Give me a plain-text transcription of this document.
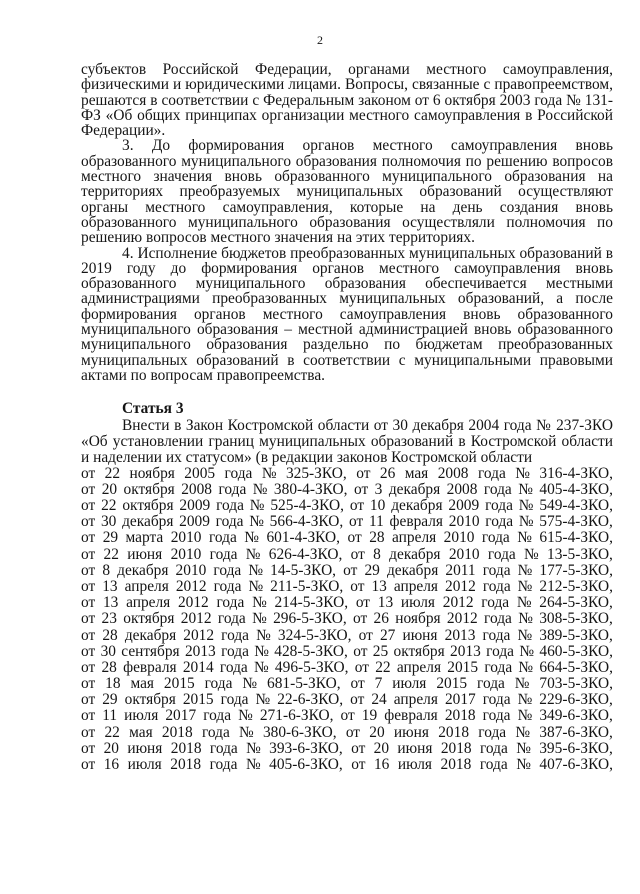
2

субъектов Российской Федерации, органами местного самоуправления, физическими и юридическими лицами. Вопросы, связанные с правопреемством, решаются в соответствии с Федеральным законом от 6 октября 2003 года № 131-ФЗ «Об общих принципах организации местного самоуправления в Российской Федерации».

3. До формирования органов местного самоуправления вновь образованного муниципального образования полномочия по решению вопросов местного значения вновь образованного муниципального образования на территориях преобразуемых муниципальных образований осуществляют органы местного самоуправления, которые на день создания вновь образованного муниципального образования осуществляли полномочия по решению вопросов местного значения на этих территориях.

4. Исполнение бюджетов преобразованных муниципальных образований в 2019 году до формирования органов местного самоуправления вновь образованного муниципального образования обеспечивается местными администрациями преобразованных муниципальных образований, а после формирования органов местного самоуправления вновь образованного муниципального образования – местной администрацией вновь образованного муниципального образования раздельно по бюджетам преобразованных муниципальных образований в соответствии с муниципальными правовыми актами по вопросам правопреемства.

Статья 3

Внести в Закон Костромской области от 30 декабря 2004 года № 237-ЗКО «Об установлении границ муниципальных образований в Костромской области и наделении их статусом» (в редакции законов Костромской области

от 22 ноября 2005 года № 325-ЗКО, от 26 мая 2008 года № 316-4-ЗКО,
от 20 октября 2008 года № 380-4-ЗКО, от 3 декабря 2008 года № 405-4-ЗКО,
от 22 октября 2009 года № 525-4-ЗКО, от 10 декабря 2009 года № 549-4-ЗКО,
от 30 декабря 2009 года № 566-4-ЗКО, от 11 февраля 2010 года № 575-4-ЗКО,
от 29 марта 2010 года № 601-4-ЗКО, от 28 апреля 2010 года № 615-4-ЗКО,
от 22 июня 2010 года № 626-4-ЗКО, от 8 декабря 2010 года № 13-5-ЗКО,
от 8 декабря 2010 года № 14-5-ЗКО, от 29 декабря 2011 года № 177-5-ЗКО,
от 13 апреля 2012 года № 211-5-ЗКО, от 13 апреля 2012 года № 212-5-ЗКО,
от 13 апреля 2012 года № 214-5-ЗКО, от 13 июля 2012 года № 264-5-ЗКО,
от 23 октября 2012 года № 296-5-ЗКО, от 26 ноября 2012 года № 308-5-ЗКО,
от 28 декабря 2012 года № 324-5-ЗКО, от 27 июня 2013 года № 389-5-ЗКО,
от 30 сентября 2013 года № 428-5-ЗКО, от 25 октября 2013 года № 460-5-ЗКО,
от 28 февраля 2014 года № 496-5-ЗКО, от 22 апреля 2015 года № 664-5-ЗКО,
от 18 мая 2015 года № 681-5-ЗКО, от 7 июля 2015 года № 703-5-ЗКО,
от 29 октября 2015 года № 22-6-ЗКО, от 24 апреля 2017 года № 229-6-ЗКО,
от 11 июля 2017 года № 271-6-ЗКО, от 19 февраля 2018 года № 349-6-ЗКО,
от 22 мая 2018 года № 380-6-ЗКО, от 20 июня 2018 года № 387-6-ЗКО,
от 20 июня 2018 года № 393-6-ЗКО, от 20 июня 2018 года № 395-6-ЗКО,
от 16 июля 2018 года № 405-6-ЗКО, от 16 июля 2018 года № 407-6-ЗКО,
